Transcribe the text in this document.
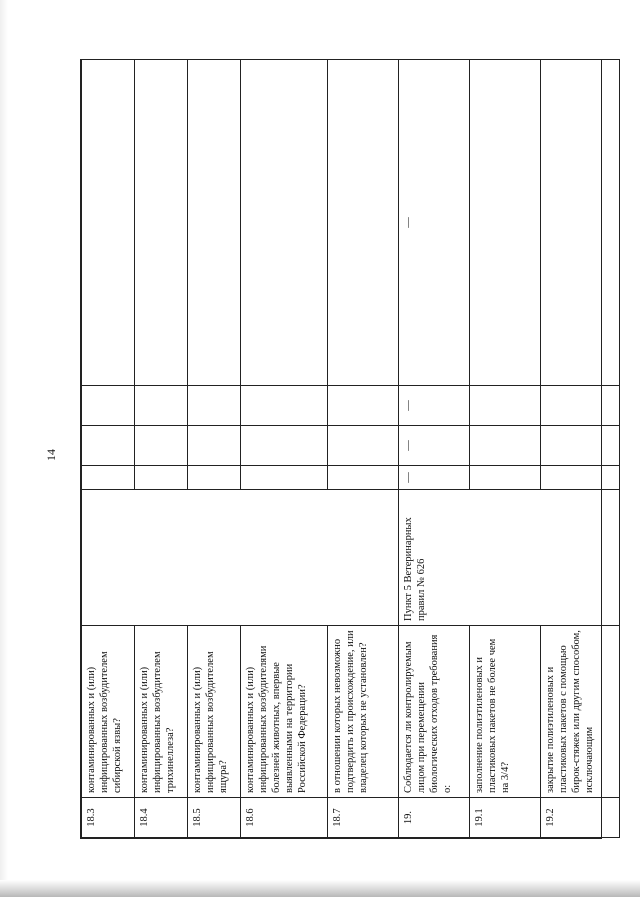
14
18.3	контаминированных и (или) инфицированных возбудителем сибирской язвы?					
18.4	контаминированных и (или) инфицированных возбудителем трихинеллеза?					
18.5	контаминированных и (или) инфицированных возбудителем ящура?					
18.6	контаминированных и (или) инфицированных возбудителями болезней животных, впервые выявленными на территории Российской Федерации?					
18.7	в отношении которых невозможно подтвердить их происхождение, или владелец которых не установлен?					
19.	Соблюдается ли контролируемым лицом при перемещении биологических отходов требования о:	Пункт 5 Ветеринарных правил № 626	—	—	—	—
19.1	заполнение полиэтиленовых и пластиковых пакетов не более чем на 3/4?					
19.2	закрытие полиэтиленовых и пластиковых пакетов с помощью бирок-стяжек или другим способом, исключающим					
